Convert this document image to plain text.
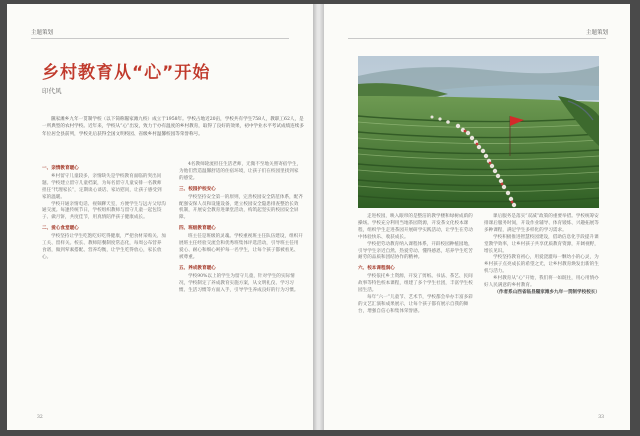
主题策划
乡村教育从“心”开始
印代风
隰家滩乡九年一贯制学校（以下简称隰家滩九校）成立于1958年。学校占地近20亩，学校共有学生758人，教职工62人，是一所典型的农村学校。近年来，学校从“心”出发，致力于办有温度的乡村教育，取得了良好的效果，初中学业水平考试成绩连续多年位居全县前列，学校先后获得全国文明校园、省级乡村温馨校园等荣誉称号。
一、亲情教育暖心

乡村留守儿童较多，亲情缺失是学校教育面临的突出问题。学校建立留守儿童档案，为每名留守儿童安排一名教师担任“代理家长”，定期谈心谈话、家访慰问，让孩子感受到家的温暖。

学校开通亲情电话、视频聊天室，方便学生与远方父母沟通交流。每逢传统节日，学校组织教师与留守儿童一起包饺子、做月饼，共度佳节，用真情陪伴孩子健康成长。

二、爱心食堂暖心

学校坚持让学生吃饱吃好吃得健康，严把食材采购关、加工关、留样关。校长、教师陪餐制度常态化，每周公布营养食谱，做到荤素搭配、营养均衡，让学生吃得放心，家长放心。

4名教师轮流担任生活老师，无微不至地关照寄宿学生，为他们营造温馨舒适的住宿环境，让孩子们在校园里找到家的感觉。

三、校园护校安心

学校坚持安全第一的原则，完善校园安全防范体系，配齐配强安保人员和设施设备，建立校园安全隐患排查整治长效机制，开展安全教育进课堂活动，构筑起坚实的校园安全屏障。

四、班级教育暖心

班主任是班级的灵魂。学校重视班主任队伍建设，组织开展班主任经验交流会和优秀班集体评选活动，引导班主任用爱心、耐心和细心呵护每一名学生，让每个孩子都被看见、被尊重。

五、养成教育暖心

学校90%以上的学生为留守儿童，针对学生的实际情况，学校制定了养成教育实施方案，从文明礼仪、学习习惯、生活习惯等方面入手，引导学生养成良好的行为习惯。

32
主题策划

走进校园，映入眼帘的是整洁的教学楼和绿树成荫的操场。学校充分利用当地茶园资源，开发茶文化校本课程，组织学生走进茶园开展研学实践活动，让学生在劳动中体验快乐、收获成长。

学校把劳动教育纳入课程体系，开辟校园种植园地，引导学生亲近自然、热爱劳动、懂得感恩，培养学生吃苦耐劳的品质和团结协作的精神。

六、校本课程润心

学校依托乡土资源，开发了剪纸、书法、茶艺、民间故事等特色校本课程，组建了多个学生社团，丰富学生校园生活。

每年“六一”儿童节、艺术节，学校都会举办丰富多彩的文艺汇演和成果展示，让每个孩子都有展示自我的舞台，增强自信心和集体荣誉感。

课后服务是落实“双减”政策的重要举措。学校统筹安排课后服务时间，开设作业辅导、体育锻炼、兴趣拓展等多种课程，满足学生多样化的学习需求。

学校积极推进智慧校园建设，借助信息化手段提升课堂教学效率，让乡村孩子共享优质教育资源，开阔视野，增长见识。

学校坚持教育初心，用爱浇灌每一颗幼小的心灵，为乡村孩子点亮成长的希望之光，让乡村教育焕发出新的生机与活力。

乡村教育从“心”开始，我们将一如既往，用心用情办好人民满意的乡村教育。

（作者系山西省临县隰家滩乡九年一贯制学校校长）

33
